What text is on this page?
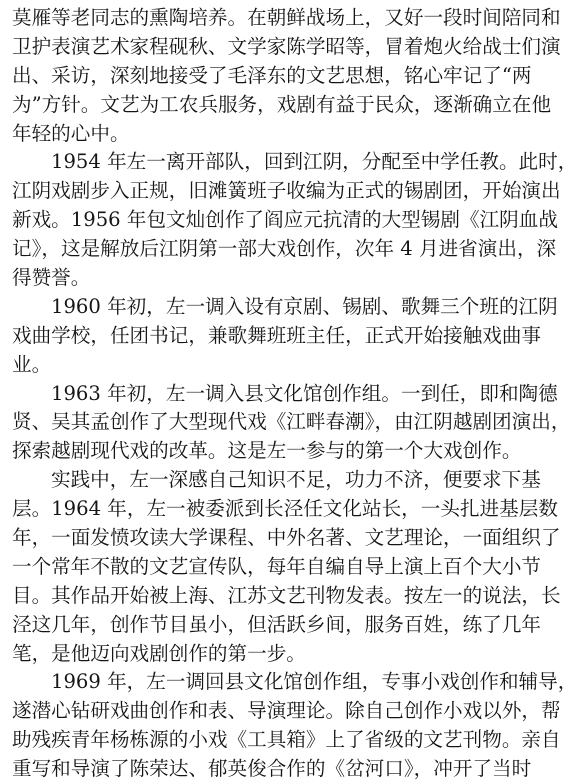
莫雁等老同志的熏陶培养。在朝鲜战场上，又好一段时间陪同和
卫护表演艺术家程砚秋、文学家陈学昭等，冒着炮火给战士们演
出、采访，深刻地接受了毛泽东的文艺思想，铭心牢记了“两
为”方针。文艺为工农兵服务，戏剧有益于民众，逐渐确立在他
年轻的心中。
1954 年左一离开部队，回到江阴，分配至中学任教。此时，
江阴戏剧步入正规，旧滩簧班子收编为正式的锡剧团，开始演出
新戏。1956 年包文灿创作了阎应元抗清的大型锡剧《江阴血战
记》，这是解放后江阴第一部大戏创作，次年 4 月进省演出，深
得赞誉。
1960 年初，左一调入设有京剧、锡剧、歌舞三个班的江阴
戏曲学校，任团书记，兼歌舞班班主任，正式开始接触戏曲事
业。
1963 年初，左一调入县文化馆创作组。一到任，即和陶德
贤、吴其孟创作了大型现代戏《江畔春潮》，由江阴越剧团演出，
探索越剧现代戏的改革。这是左一参与的第一个大戏创作。
实践中，左一深感自己知识不足，功力不济，便要求下基
层。1964 年，左一被委派到长泾任文化站长，一头扎进基层数
年，一面发愤攻读大学课程、中外名著、文艺理论，一面组织了
一个常年不散的文艺宣传队，每年自编自导上演上百个大小节
目。其作品开始被上海、江苏文艺刊物发表。按左一的说法，长
泾这几年，创作节目虽小，但活跃乡间，服务百姓，练了几年
笔，是他迈向戏剧创作的第一步。
1969 年，左一调回县文化馆创作组，专事小戏创作和辅导，
遂潜心钻研戏曲创作和表、导演理论。除自己创作小戏以外，帮
助残疾青年杨栋源的小戏《工具箱》上了省级的文艺刊物。亲自
重写和导演了陈荣达、郁英俊合作的《岔河口》，冲开了当时
